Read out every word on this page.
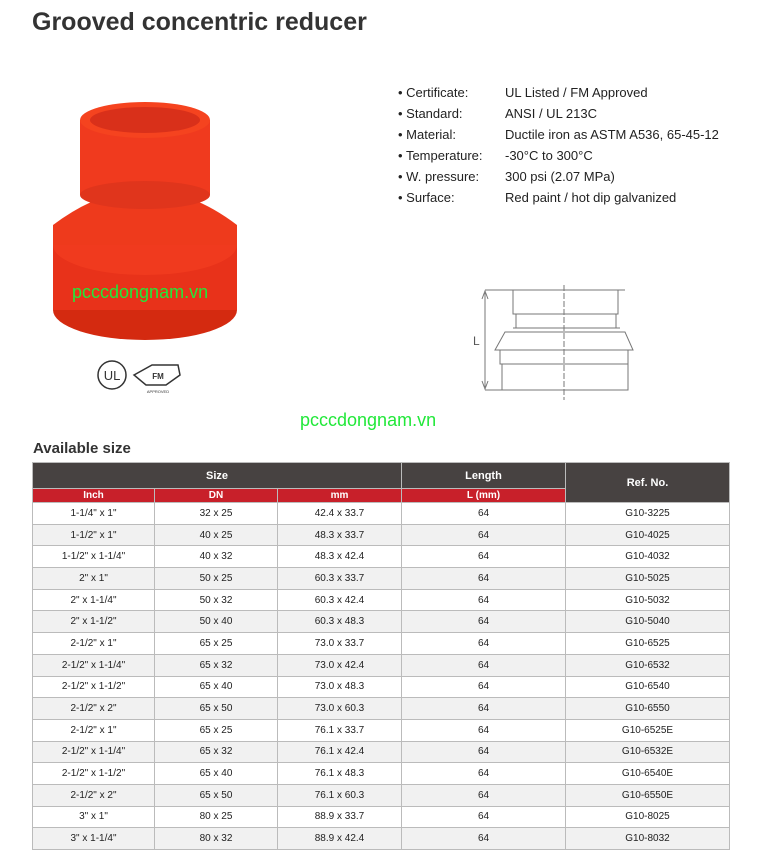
Grooved concentric reducer
• Certificate:	UL Listed / FM Approved
• Standard:	ANSI / UL 213C
• Material:	Ductile iron as ASTM A536, 65-45-12
• Temperature:	-30°C to 300°C
• W. pressure:	300 psi (2.07 MPa)
• Surface:	Red paint / hot dip galvanized
UL	FM
APPROVED
pcccdongnam.vn
L
Available size
Size			Length	Ref. No.
Inch	DN	mm	L (mm)	
1-1/4" x 1"	32 x 25	42.4 x 33.7	64	G10-3225
1-1/2" x 1"	40 x 25	48.3 x 33.7	64	G10-4025
1-1/2" x 1-1/4"	40 x 32	48.3 x 42.4	64	G10-4032
2" x 1"	50 x 25	60.3 x 33.7	64	G10-5025
2" x 1-1/4"	50 x 32	60.3 x 42.4	64	G10-5032
2" x 1-1/2"	50 x 40	60.3 x 48.3	64	G10-5040
2-1/2" x 1"	65 x 25	73.0 x 33.7	64	G10-6525
2-1/2" x 1-1/4"	65 x 32	73.0 x 42.4	64	G10-6532
2-1/2" x 1-1/2"	65 x 40	73.0 x 48.3	64	G10-6540
2-1/2" x 2"	65 x 50	73.0 x 60.3	64	G10-6550
2-1/2" x 1"	65 x 25	76.1 x 33.7	64	G10-6525E
2-1/2" x 1-1/4"	65 x 32	76.1 x 42.4	64	G10-6532E
2-1/2" x 1-1/2"	65 x 40	76.1 x 48.3	64	G10-6540E
2-1/2" x 2"	65 x 50	76.1 x 60.3	64	G10-6550E
3" x 1"	80 x 25	88.9 x 33.7	64	G10-8025
3" x 1-1/4"	80 x 32	88.9 x 42.4	64	G10-8032
pcccdongnam.vn
